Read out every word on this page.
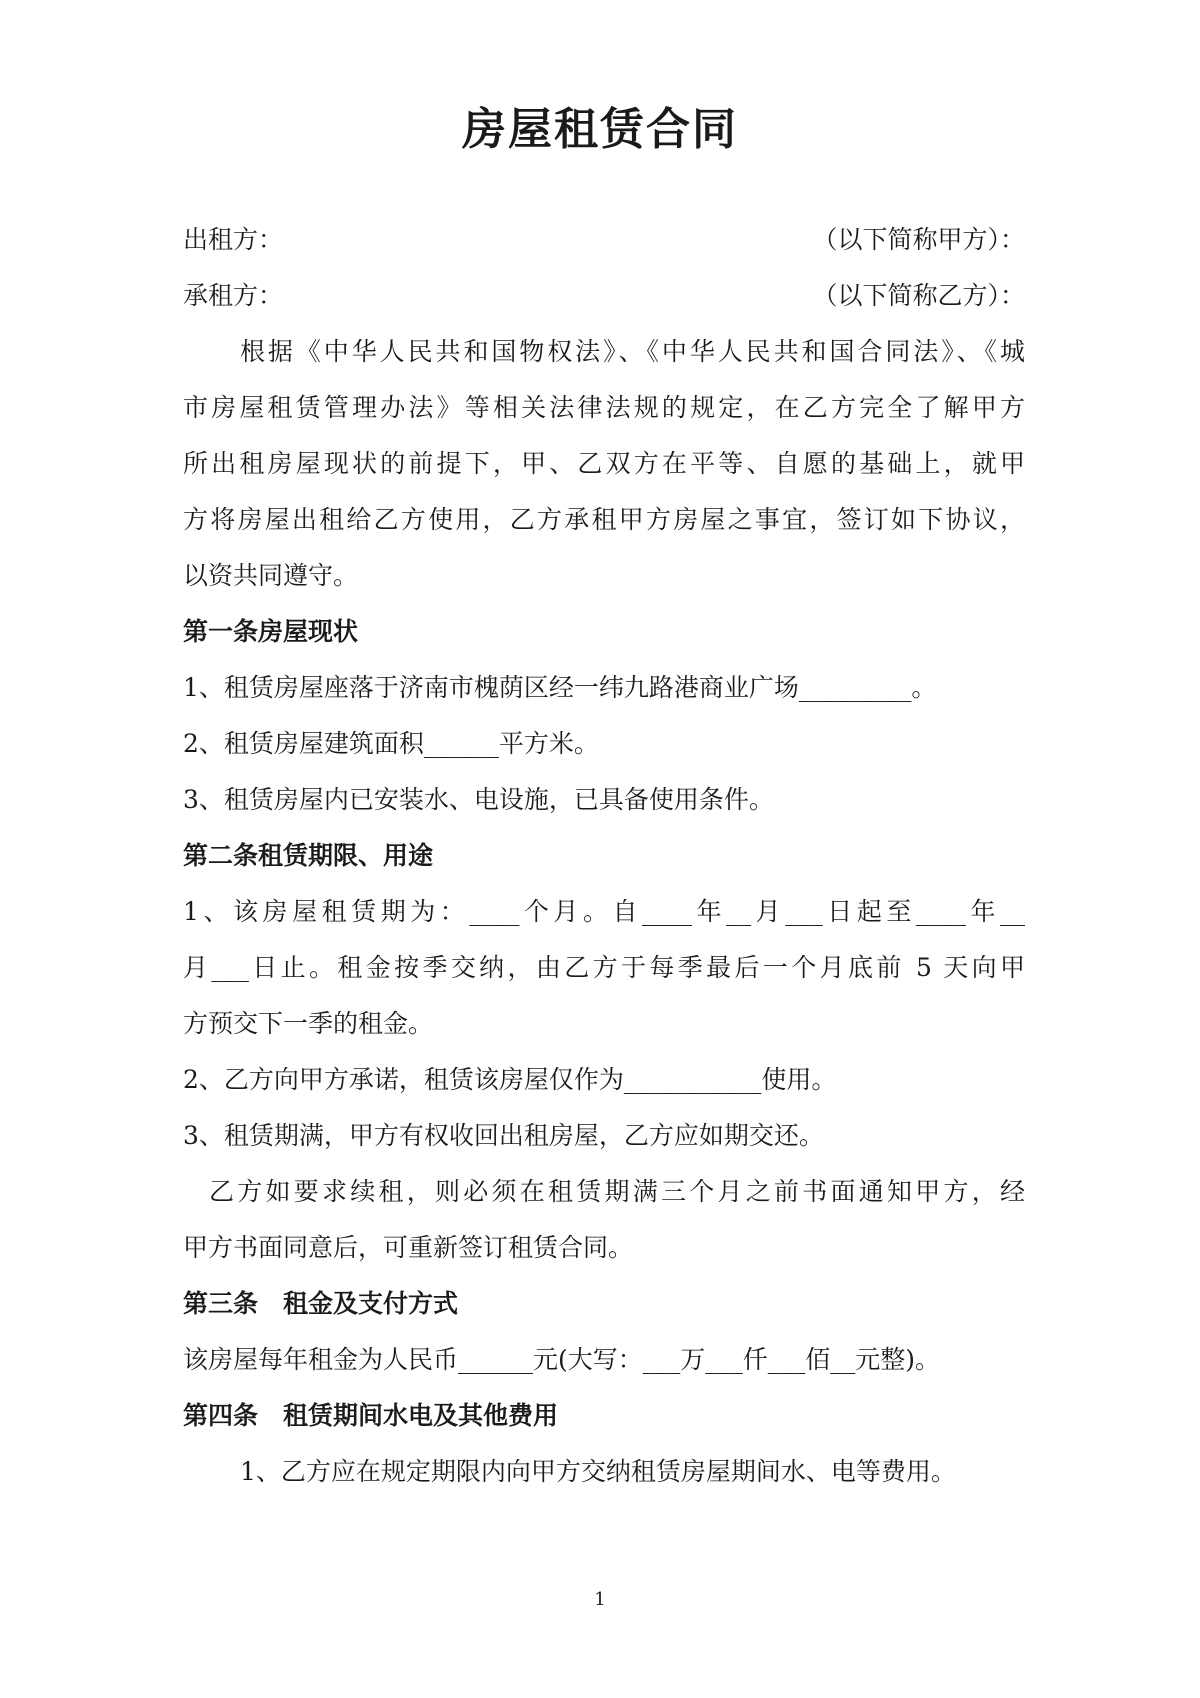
房屋租赁合同
出租方：	（以下简称甲方）：
承租方：	（以下简称乙方）：
根据《中华人民共和国物权法》、《中华人民共和国合同法》、《城
市房屋租赁管理办法》等相关法律法规的规定，在乙方完全了解甲方
所出租房屋现状的前提下，甲、乙双方在平等、自愿的基础上，就甲
方将房屋出租给乙方使用，乙方承租甲方房屋之事宜，签订如下协议，
以资共同遵守。
第一条房屋现状
1、租赁房屋座落于济南市槐荫区经一纬九路港商业广场_________。
2、租赁房屋建筑面积______平方米。
3、租赁房屋内已安装水、电设施，已具备使用条件。
第二条租赁期限、用途
1、该房屋租赁期为：____个月。自____年__月___日起至____年__
月___日止。租金按季交纳，由乙方于每季最后一个月底前 5 天向甲
方预交下一季的租金。
2、乙方向甲方承诺，租赁该房屋仅作为___________使用。
3、租赁期满，甲方有权收回出租房屋，乙方应如期交还。
乙方如要求续租，则必须在租赁期满三个月之前书面通知甲方，经
甲方书面同意后，可重新签订租赁合同。
第三条　租金及支付方式
该房屋每年租金为人民币______元(大写：___万___仟___佰__元整)。
第四条　租赁期间水电及其他费用
1、乙方应在规定期限内向甲方交纳租赁房屋期间水、电等费用。
1
